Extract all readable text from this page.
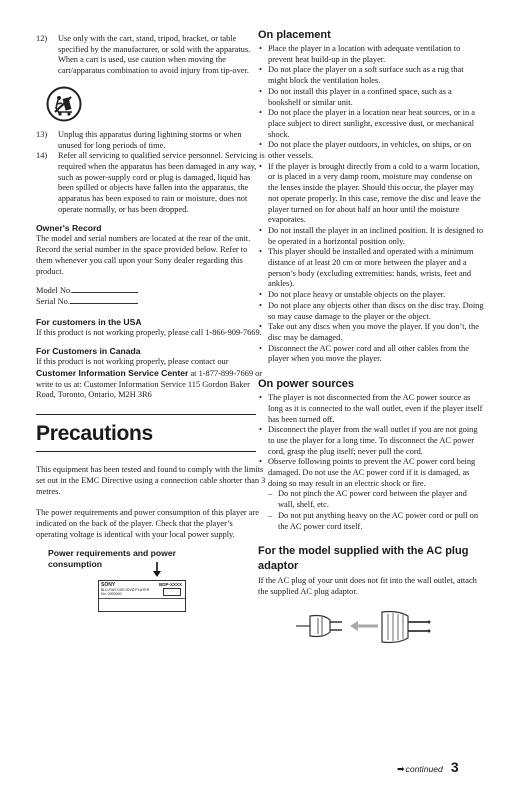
12)	Use only with the cart, stand, tripod, bracket, or table specified by the manufacturer, or sold with the apparatus. When a cart is used, use caution when moving the cart/apparatus combination to avoid injury from tip-over.
13)	Unplug this apparatus during lightning storms or when unused for long periods of time.
14)	Refer all servicing to qualified service personnel. Servicing is required when the apparatus has been damaged in any way, such as power-supply cord or plug is damaged, liquid has been spilled or objects have fallen into the apparatus, the apparatus has been exposed to rain or moisture, does not operate normally, or has been dropped.

Owner's Record

The model and serial numbers are located at the rear of the unit. Record the serial number in the space provided below. Refer to them whenever you call upon your Sony dealer regarding this product.

Model No.
Serial No.

For customers in the USA

If this product is not working properly, please call 1-866-909-7669.

For Customers in Canada

If this product is not working properly, please contact our Customer Information Service Center at 1-877-899-7669 or write to us at: Customer Information Service 115 Gordon Baker Road, Toronto, Ontario, M2H 3R6

Precautions

This equipment has been tested and found to comply with the limits set out in the EMC Directive using a connection cable shorter than 3 metres.

The power requirements and power consumption of this player are indicated on the back of the player. Check that the player’s operating voltage is identical with your local power supply.

Power requirements and power consumption

SONY	BDP-XXXX
BLU-RAY DISC/DVD PLAYER
No. 0000000

On placement

• Place the player in a location with adequate ventilation to prevent heat build-up in the player.
• Do not place the player on a soft surface such as a rug that might block the ventilation holes.
• Do not install this player in a confined space, such as a bookshelf or similar unit.
• Do not place the player in a location near heat sources, or in a place subject to direct sunlight, excessive dust, or mechanical shock.
• Do not place the player outdoors, in vehicles, on ships, or on other vessels.
• If the player is brought directly from a cold to a warm location, or is placed in a very damp room, moisture may condense on the lenses inside the player. Should this occur, the player may not operate properly. In this case, remove the disc and leave the player turned on for about half an hour until the moisture evaporates.
• Do not install the player in an inclined position. It is designed to be operated in a horizontal position only.
• This player should be installed and operated with a minimum distance of at least 20 cm or more between the player and a person’s body (excluding extremities: hands, wrists, feet and ankles).
• Do not place heavy or unstable objects on the player.
• Do not place any objects other than discs on the disc tray. Doing so may cause damage to the player or the object.
• Take out any discs when you move the player. If you don’t, the disc may be damaged.
• Disconnect the AC power cord and all other cables from the player when you move the player.

On power sources

• The player is not disconnected from the AC power source as long as it is connected to the wall outlet, even if the player itself has been turned off.
• Disconnect the player from the wall outlet if you are not going to use the player for a long time. To disconnect the AC power cord, grasp the plug itself; never pull the cord.
• Observe following points to prevent the AC power cord being damaged. Do not use the AC power cord if it is damaged, as doing so may result in an electric shock or fire.
– Do not pinch the AC power cord between the player and wall, shelf, etc.
– Do not put anything heavy on the AC power cord or pull on the AC power cord itself.

For the model supplied with the AC plug adaptor

If the AC plug of your unit does not fit into the wall outlet, attach the supplied AC plug adaptor.

➡ continued 3
